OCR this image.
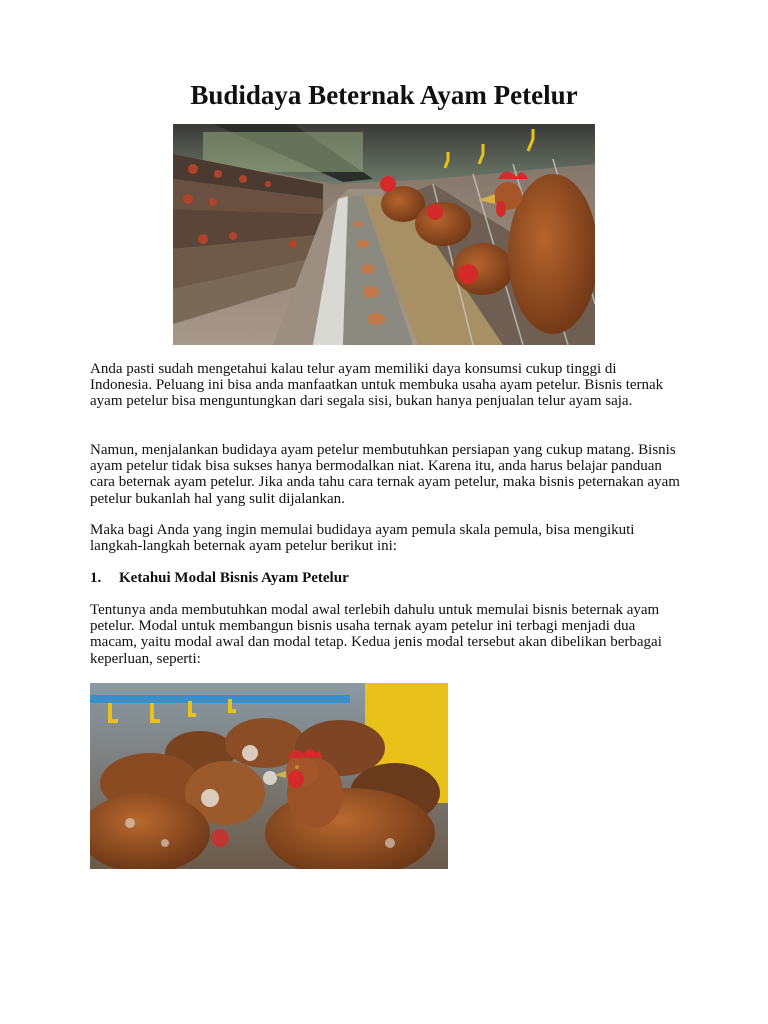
Budidaya Beternak Ayam Petelur

Anda pasti sudah mengetahui kalau telur ayam memiliki daya konsumsi cukup tinggi di Indonesia. Peluang ini bisa anda manfaatkan untuk membuka usaha ayam petelur. Bisnis ternak ayam petelur bisa menguntungkan dari segala sisi, bukan hanya penjualan telur ayam saja.

Namun, menjalankan budidaya ayam petelur membutuhkan persiapan yang cukup matang. Bisnis ayam petelur tidak bisa sukses hanya bermodalkan niat. Karena itu, anda harus belajar panduan cara beternak ayam petelur. Jika anda tahu cara ternak ayam petelur, maka bisnis peternakan ayam petelur bukanlah hal yang sulit dijalankan.

Maka bagi Anda yang ingin memulai budidaya ayam pemula skala pemula, bisa mengikuti langkah-langkah beternak ayam petelur berikut ini:

1. Ketahui Modal Bisnis Ayam Petelur

Tentunya anda membutuhkan modal awal terlebih dahulu untuk memulai bisnis beternak ayam petelur. Modal untuk membangun bisnis usaha ternak ayam petelur ini terbagi menjadi dua macam, yaitu modal awal dan modal tetap. Kedua jenis modal tersebut akan dibelikan berbagai keperluan, seperti:
